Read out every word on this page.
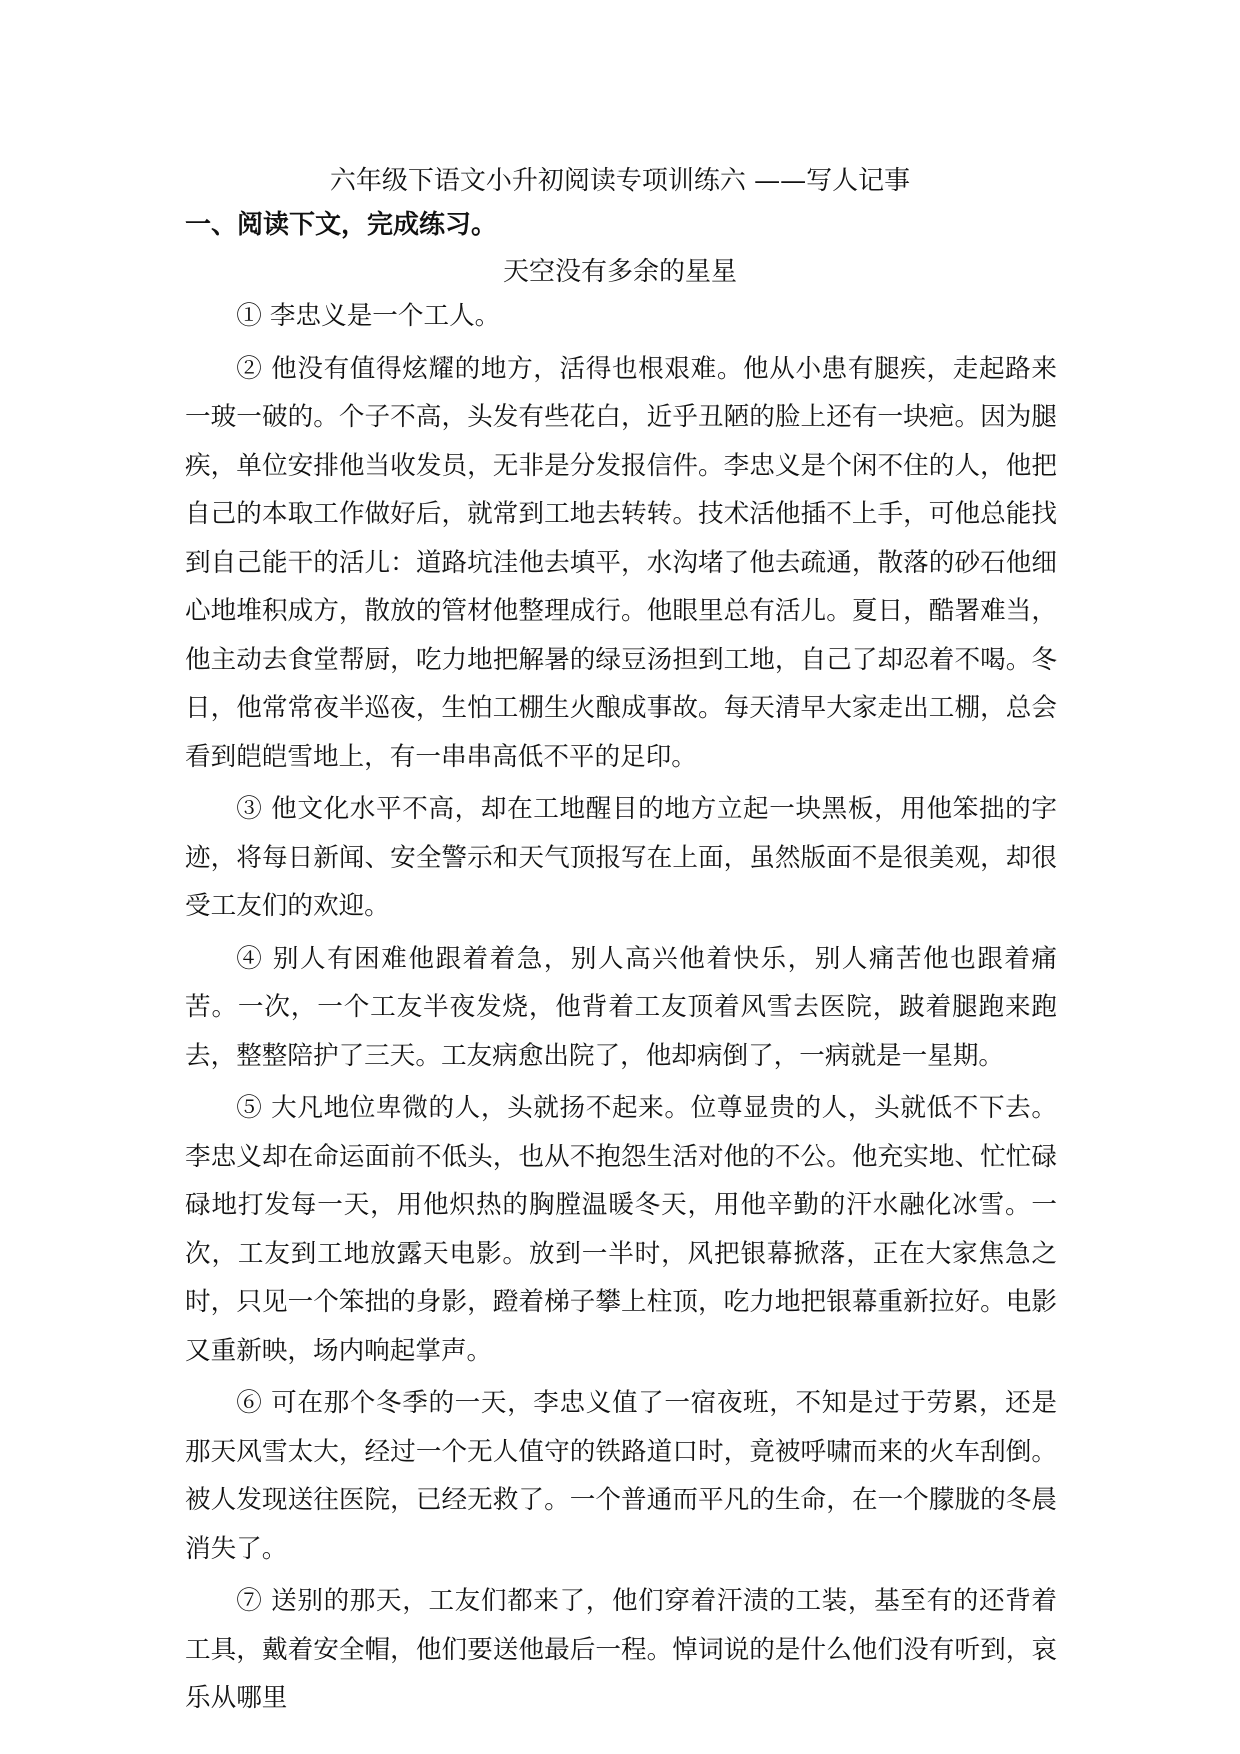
六年级下语文小升初阅读专项训练六 ——写人记事
一、阅读下文，完成练习。
天空没有多余的星星

① 李忠义是一个工人。

② 他没有值得炫耀的地方，活得也根艰难。他从小患有腿疾，走起路来一玻一破的。个子不高，头发有些花白，近乎丑陋的脸上还有一块疤。因为腿疾，单位安排他当收发员，无非是分发报信件。李忠义是个闲不住的人，他把自己的本取工作做好后，就常到工地去转转。技术活他插不上手，可他总能找到自己能干的活儿：道路坑洼他去填平，水沟堵了他去疏通，散落的砂石他细心地堆积成方，散放的管材他整理成行。他眼里总有活儿。夏日，酷署难当，他主动去食堂帮厨，吃力地把解暑的绿豆汤担到工地，自己了却忍着不喝。冬日，他常常夜半巡夜，生怕工棚生火酿成事故。每天清早大家走出工棚，总会看到皑皑雪地上，有一串串高低不平的足印。

③ 他文化水平不高，却在工地醒目的地方立起一块黑板，用他笨拙的字迹，将每日新闻、安全警示和天气顶报写在上面，虽然版面不是很美观，却很受工友们的欢迎。

④ 别人有困难他跟着着急，别人高兴他着快乐，别人痛苦他也跟着痛苦。一次，一个工友半夜发烧，他背着工友顶着风雪去医院，跛着腿跑来跑去，整整陪护了三天。工友病愈出院了，他却病倒了，一病就是一星期。

⑤ 大凡地位卑微的人，头就扬不起来。位尊显贵的人，头就低不下去。李忠义却在命运面前不低头，也从不抱怨生活对他的不公。他充实地、忙忙碌碌地打发每一天，用他炽热的胸膛温暖冬天，用他辛勤的汗水融化冰雪。一次，工友到工地放露天电影。放到一半时，风把银幕掀落，正在大家焦急之时，只见一个笨拙的身影，蹬着梯子攀上柱顶，吃力地把银幕重新拉好。电影又重新映，场内响起掌声。

⑥ 可在那个冬季的一天，李忠义值了一宿夜班，不知是过于劳累，还是那天风雪太大，经过一个无人值守的铁路道口时，竟被呼啸而来的火车刮倒。被人发现送往医院，已经无救了。一个普通而平凡的生命，在一个朦胧的冬晨消失了。

⑦ 送别的那天，工友们都来了，他们穿着汗渍的工装，基至有的还背着工具，戴着安全帽，他们要送他最后一程。悼词说的是什么他们没有听到，哀乐从哪里
